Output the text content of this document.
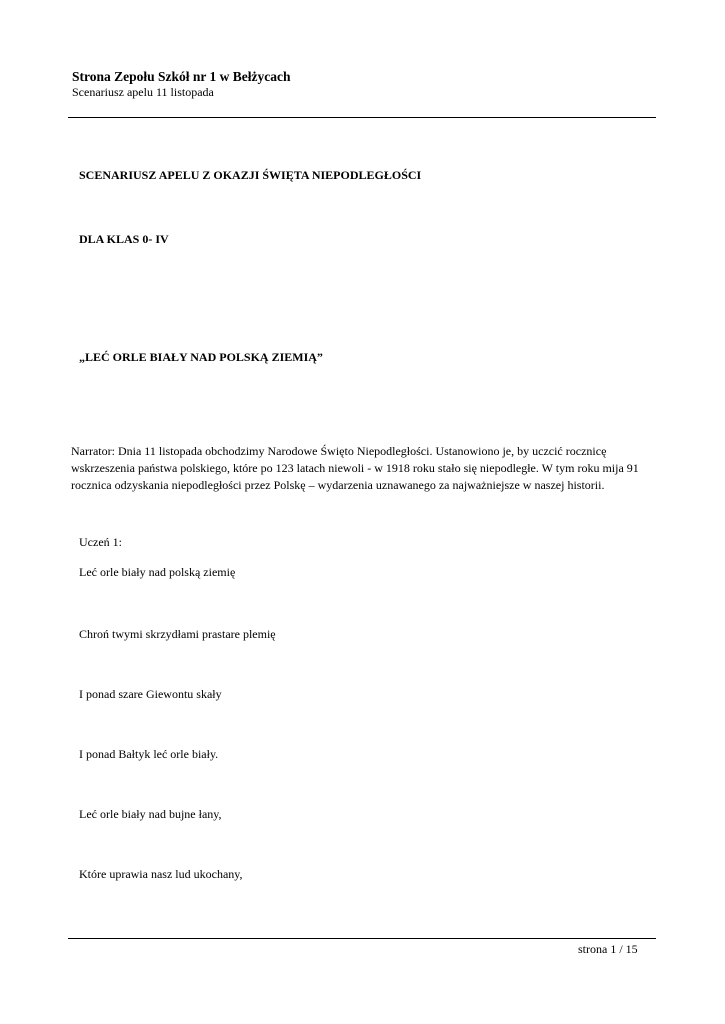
Strona Zepołu Szkół nr 1 w Bełżycach
Scenariusz apelu 11 listopada
SCENARIUSZ APELU Z OKAZJI ŚWIĘTA NIEPODLEGŁOŚCI
DLA KLAS 0- IV
„LEĆ ORLE BIAŁY NAD POLSKĄ ZIEMIĄ”
Narrator: Dnia 11 listopada obchodzimy Narodowe Święto Niepodległości. Ustanowiono je, by uczcić rocznicę
wskrzeszenia państwa polskiego, które po 123 latach niewoli - w 1918 roku stało się niepodległe. W tym roku mija 91
rocznica odzyskania niepodległości przez Polskę – wydarzenia uznawanego za najważniejsze w naszej historii.
Uczeń 1:
Leć orle biały nad polską ziemię
Chroń twymi skrzydłami prastare plemię
I ponad szare Giewontu skały
I ponad Bałtyk leć orle biały.
Leć orle biały nad bujne łany,
Które uprawia nasz lud ukochany,
strona 1 / 15
